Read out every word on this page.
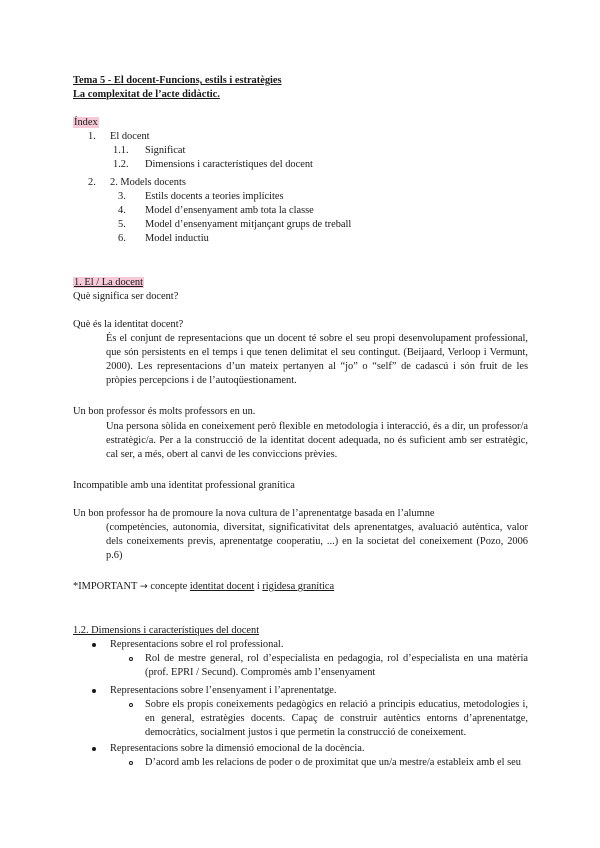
Tema 5 - El docent-Funcions, estils i estratègies
La complexitat de l’acte didàctic.
Índex
1. El docent
1.1. Significat
1.2. Dimensions i característiques del docent
2. 2. Models docents
3. Estils docents a teories implícites
4. Model d’ensenyament amb tota la classe
5. Model d’ensenyament mitjançant grups de treball
6. Model inductiu
1. El / La docent
Què significa ser docent?
Què és la identitat docent?
És el conjunt de representacions que un docent té sobre el seu propi desenvolupament professional, que són persistents en el temps i que tenen delimitat el seu contingut. (Beijaard, Verloop i Vermunt, 2000). Les representacions d’un mateix pertanyen al “jo” o “self” de cadascú i són fruit de les pròpies percepcions i de l’autoqüestionament.
Un bon professor és molts professors en un.
Una persona sòlida en coneixement però flexible en metodologia i interacció, és a dir, un professor/a estratègic/a. Per a la construcció de la identitat docent adequada, no és suficient amb ser estratègic, cal ser, a més, obert al canvi de les conviccions prèvies.
Incompatible amb una identitat professional granítica
Un bon professor ha de promoure la nova cultura de l’aprenentatge basada en l’alumne
(competències, autonomia, diversitat, significativitat dels aprenentatges, avaluació autèntica, valor dels coneixements previs, aprenentatge cooperatiu, ...) en la societat del coneixement (Pozo, 2006 p.6)
*IMPORTANT → concepte identitat docent i rigidesa granítica
1.2. Dimensions i característiques del docent
Representacions sobre el rol professional.
Rol de mestre general, rol d’especialista en pedagogia, rol d’especialista en una matèria (prof. EPRI / Secund). Compromès amb l’ensenyament
Representacions sobre l’ensenyament i l’aprenentatge.
Sobre els propis coneixements pedagògics en relació a principis educatius, metodologies i, en general, estratègies docents. Capaç de construir autèntics entorns d’aprenentatge, democràtics, socialment justos i que permetin la construcció de coneixement.
Representacions sobre la dimensió emocional de la docència.
D’acord amb les relacions de poder o de proximitat que un/a mestre/a estableix amb el seu
